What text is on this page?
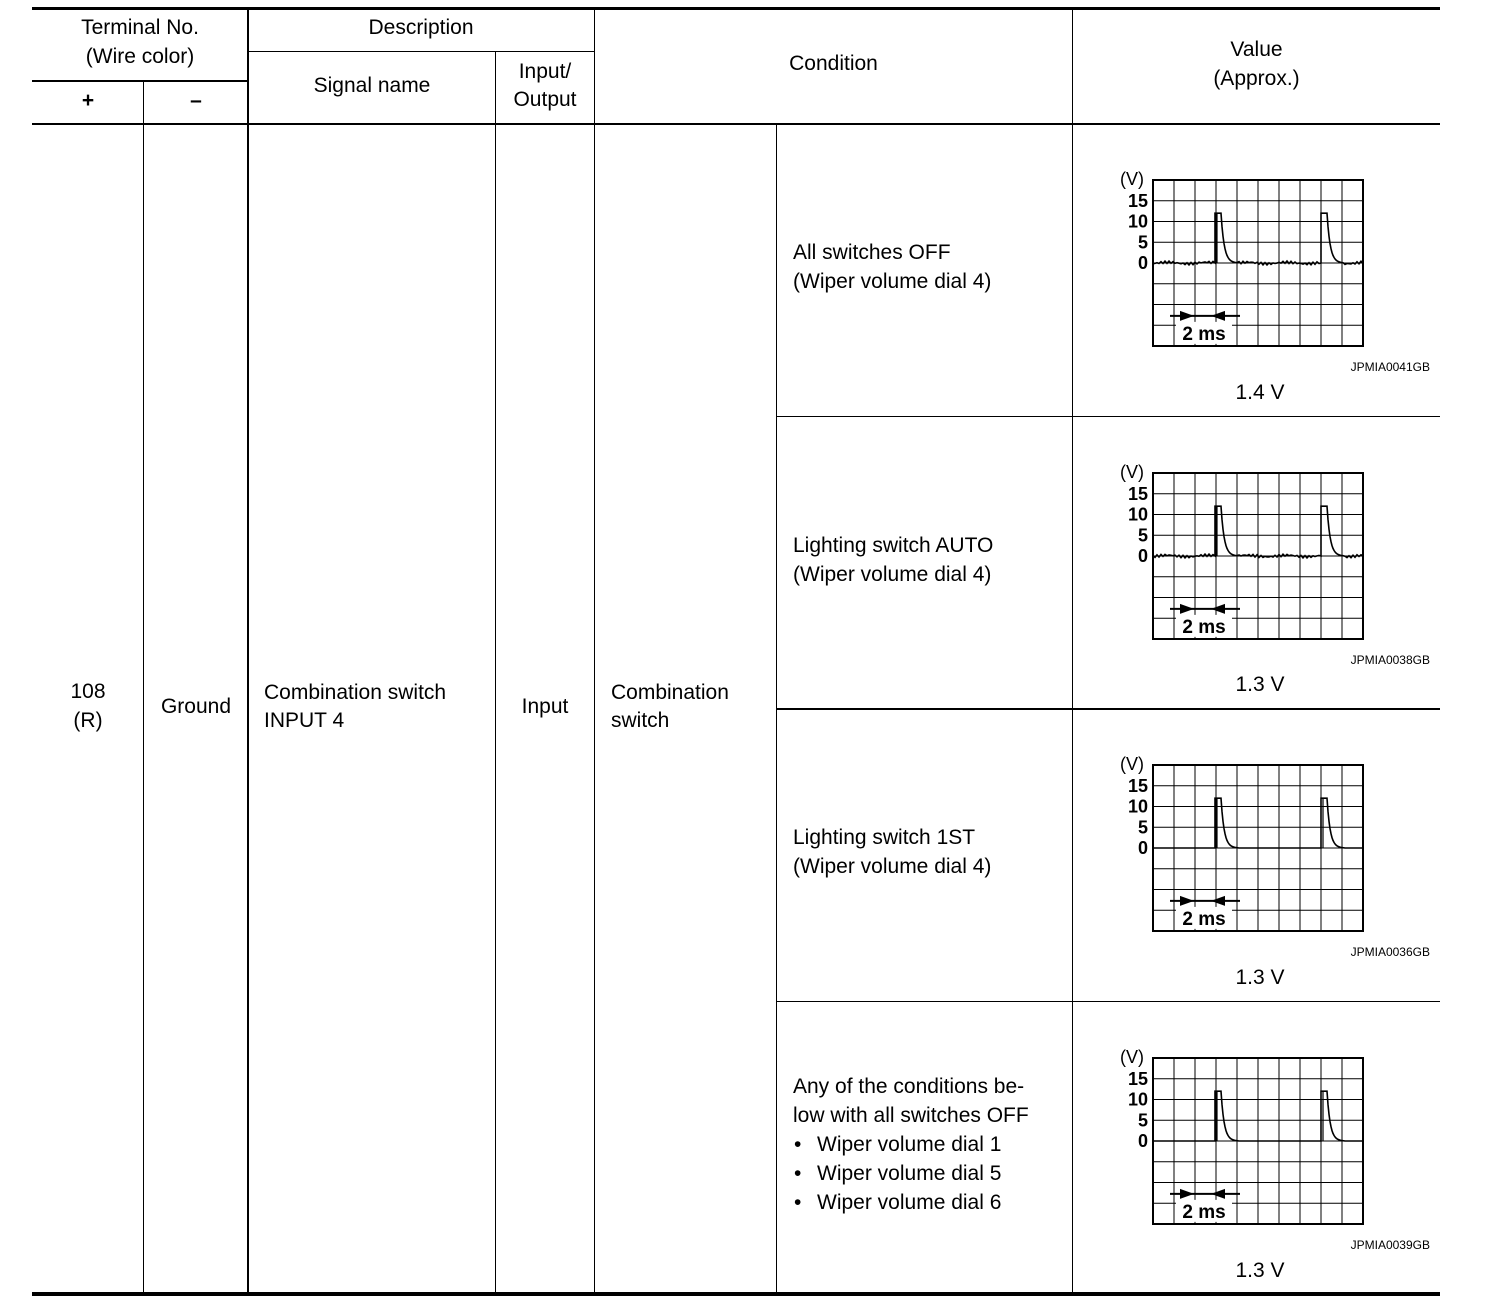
Terminal No.
(Wire color)
+	–
Description
Signal name
Input/
Output
Condition
Value
(Approx.)
108
(R)
Ground
Combination switch
INPUT 4
Input
Combination
switch
All switches OFF
(Wiper volume dial 4)
Lighting switch AUTO
(Wiper volume dial 4)
Lighting switch 1ST
(Wiper volume dial 4)
Any of the conditions be-
low with all switches OFF
• Wiper volume dial 1
• Wiper volume dial 5
• Wiper volume dial 6
(V)
15
10
5
0
2 ms
(V)
15
10
5
0
2 ms
(V)
15
10
5
0
2 ms
(V)
15
10
5
0
2 ms
JPMIA0041GB
1.4 V
JPMIA0038GB
1.3 V
JPMIA0036GB
1.3 V
JPMIA0039GB
1.3 V
